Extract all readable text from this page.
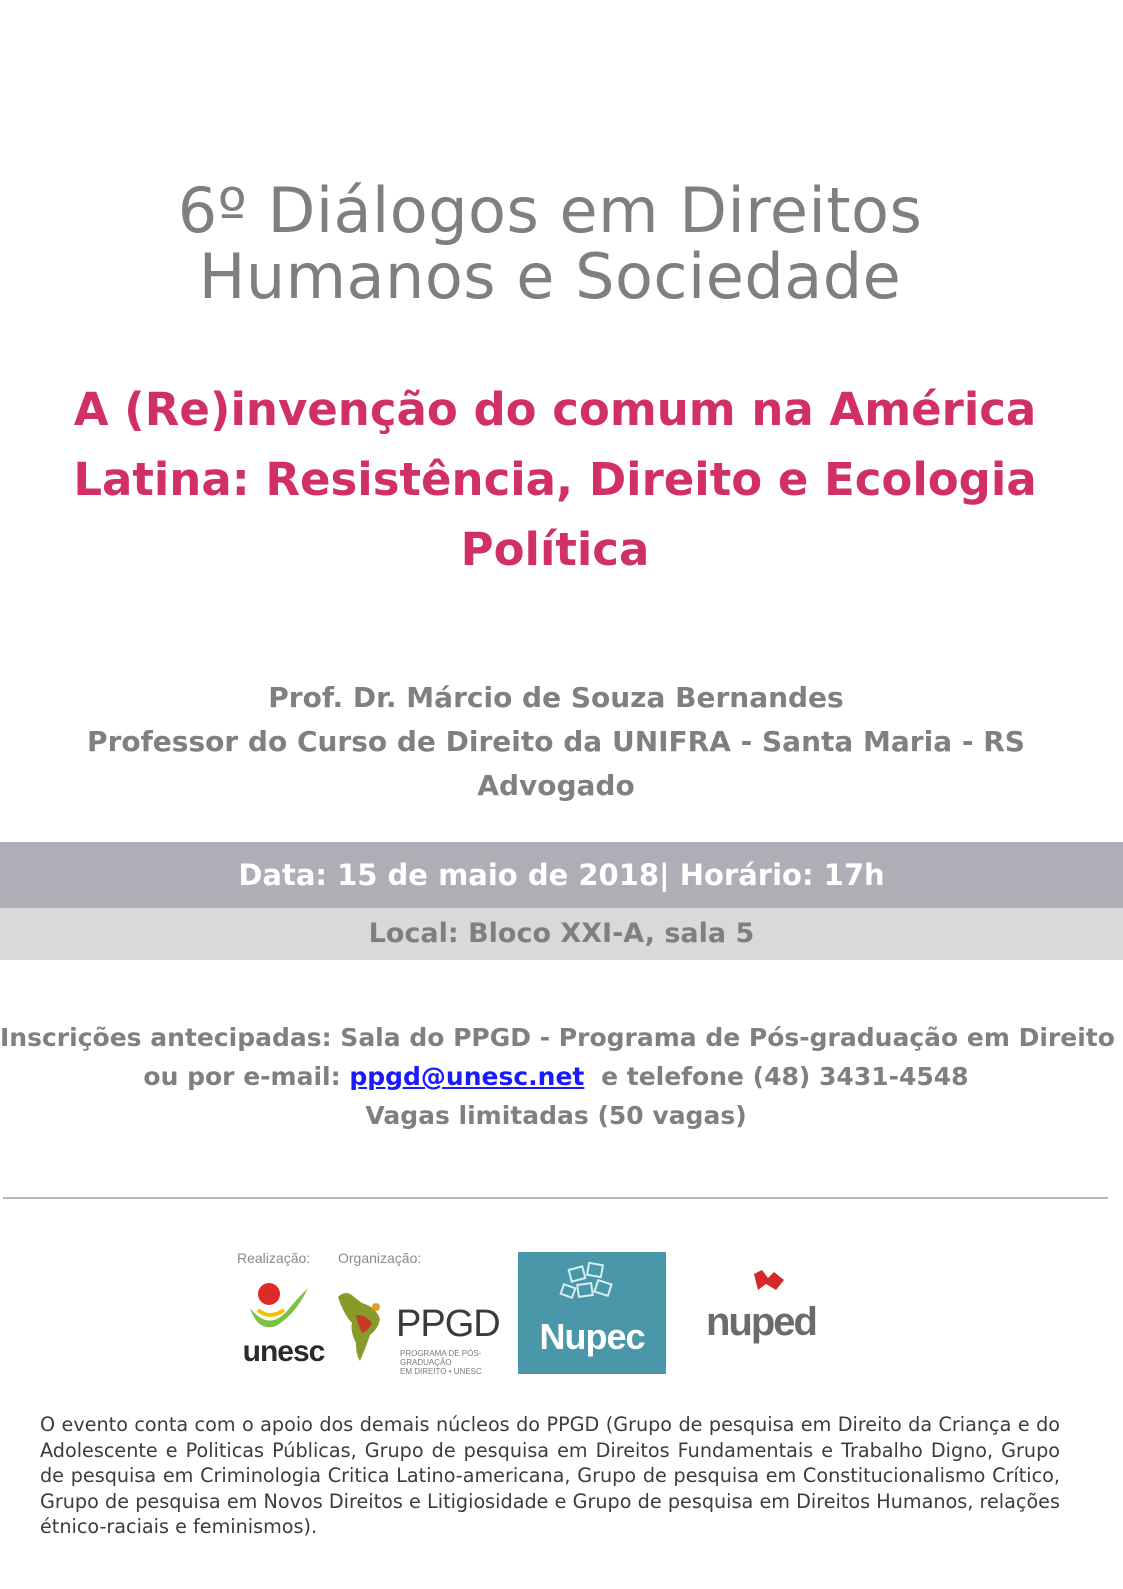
6º Diálogos em Direitos
Humanos e Sociedade
A (Re)invenção do comum na América
Latina: Resistência, Direito e Ecologia
Política
Prof. Dr. Márcio de Souza Bernandes
Professor do Curso de Direito da UNIFRA - Santa Maria - RS
Advogado
Data: 15 de maio de 2018| Horário: 17h
Local: Bloco XXI-A, sala 5
Inscrições antecipadas: Sala do PPGD - Programa de Pós-graduação em Direito
ou por e-mail: ppgd@unesc.net e telefone (48) 3431-4548
Vagas limitadas (50 vagas)
Realização: Organização:
unesc
PPGD
PROGRAMA DE PÓS-GRADUAÇÃO
EM DIREITO • UNESC
Nupec	nuped
O evento conta com o apoio dos demais núcleos do PPGD (Grupo de pesquisa em Direito da Criança e do Adolescente e Politicas Públicas, Grupo de pesquisa em Direitos Fundamentais e Trabalho Digno, Grupo de pesquisa em Criminologia Critica Latino-americana, Grupo de pesquisa em Constitucionalismo Crítico, Grupo de pesquisa em Novos Direitos e Litigiosidade e Grupo de pesquisa em Direitos Humanos, relações étnico-raciais e feminismos).
